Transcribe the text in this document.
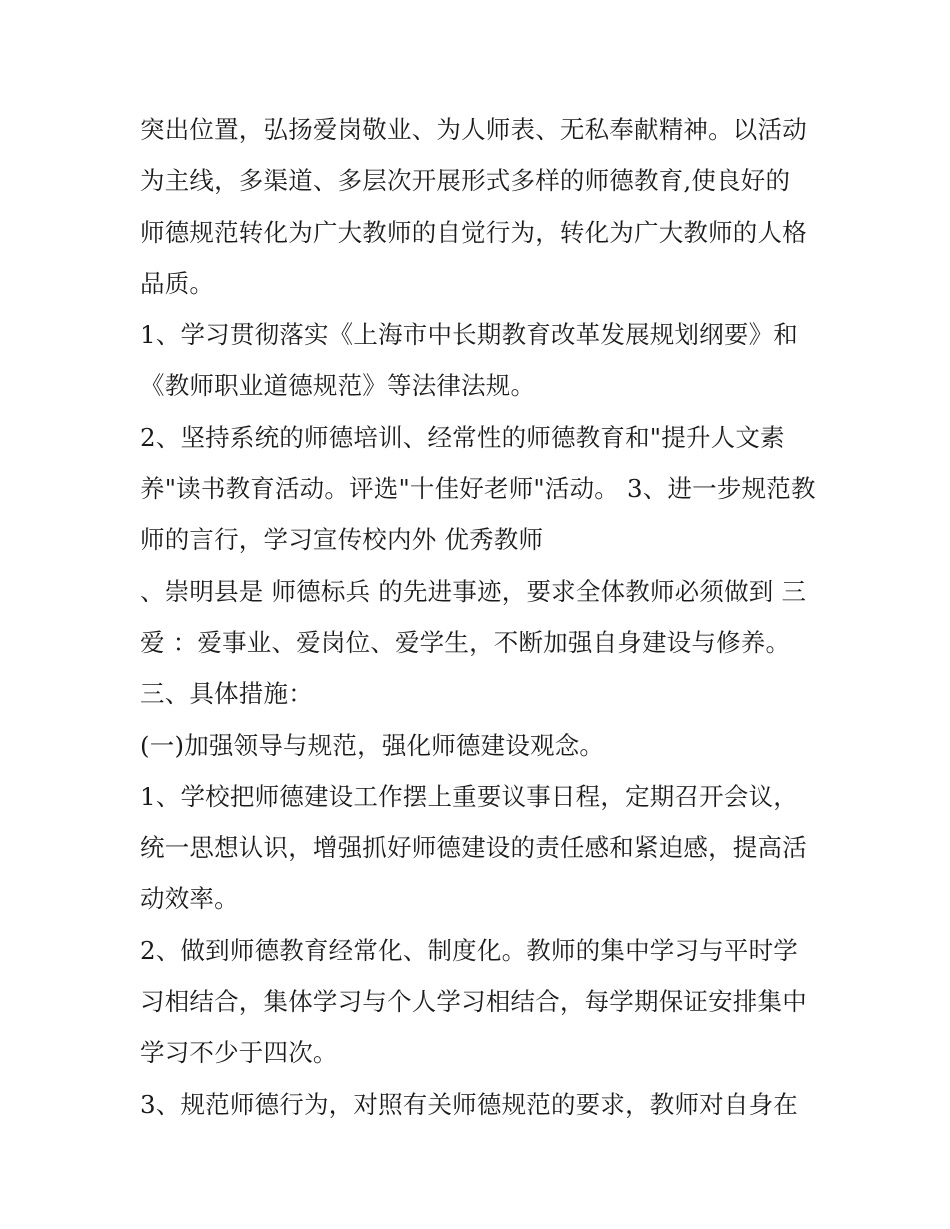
突出位置，弘扬爱岗敬业、为人师表、无私奉献精神。以活动
为主线，多渠道、多层次开展形式多样的师德教育,使良好的
师德规范转化为广大教师的自觉行为，转化为广大教师的人格
品质。
1、学习贯彻落实《上海市中长期教育改革发展规划纲要》和
《教师职业道德规范》等法律法规。
2、坚持系统的师德培训、经常性的师德教育和"提升人文素
养"读书教育活动。评选"十佳好老师"活动。 3、进一步规范教
师的言行，学习宣传校内外 优秀教师
、崇明县是 师德标兵 的先进事迹，要求全体教师必须做到 三
爱 ：爱事业、爱岗位、爱学生，不断加强自身建设与修养。
三、具体措施：
(一)加强领导与规范，强化师德建设观念。
1、学校把师德建设工作摆上重要议事日程，定期召开会议，
统一思想认识，增强抓好师德建设的责任感和紧迫感，提高活
动效率。
2、做到师德教育经常化、制度化。教师的集中学习与平时学
习相结合，集体学习与个人学习相结合，每学期保证安排集中
学习不少于四次。
3、规范师德行为，对照有关师德规范的要求，教师对自身在
